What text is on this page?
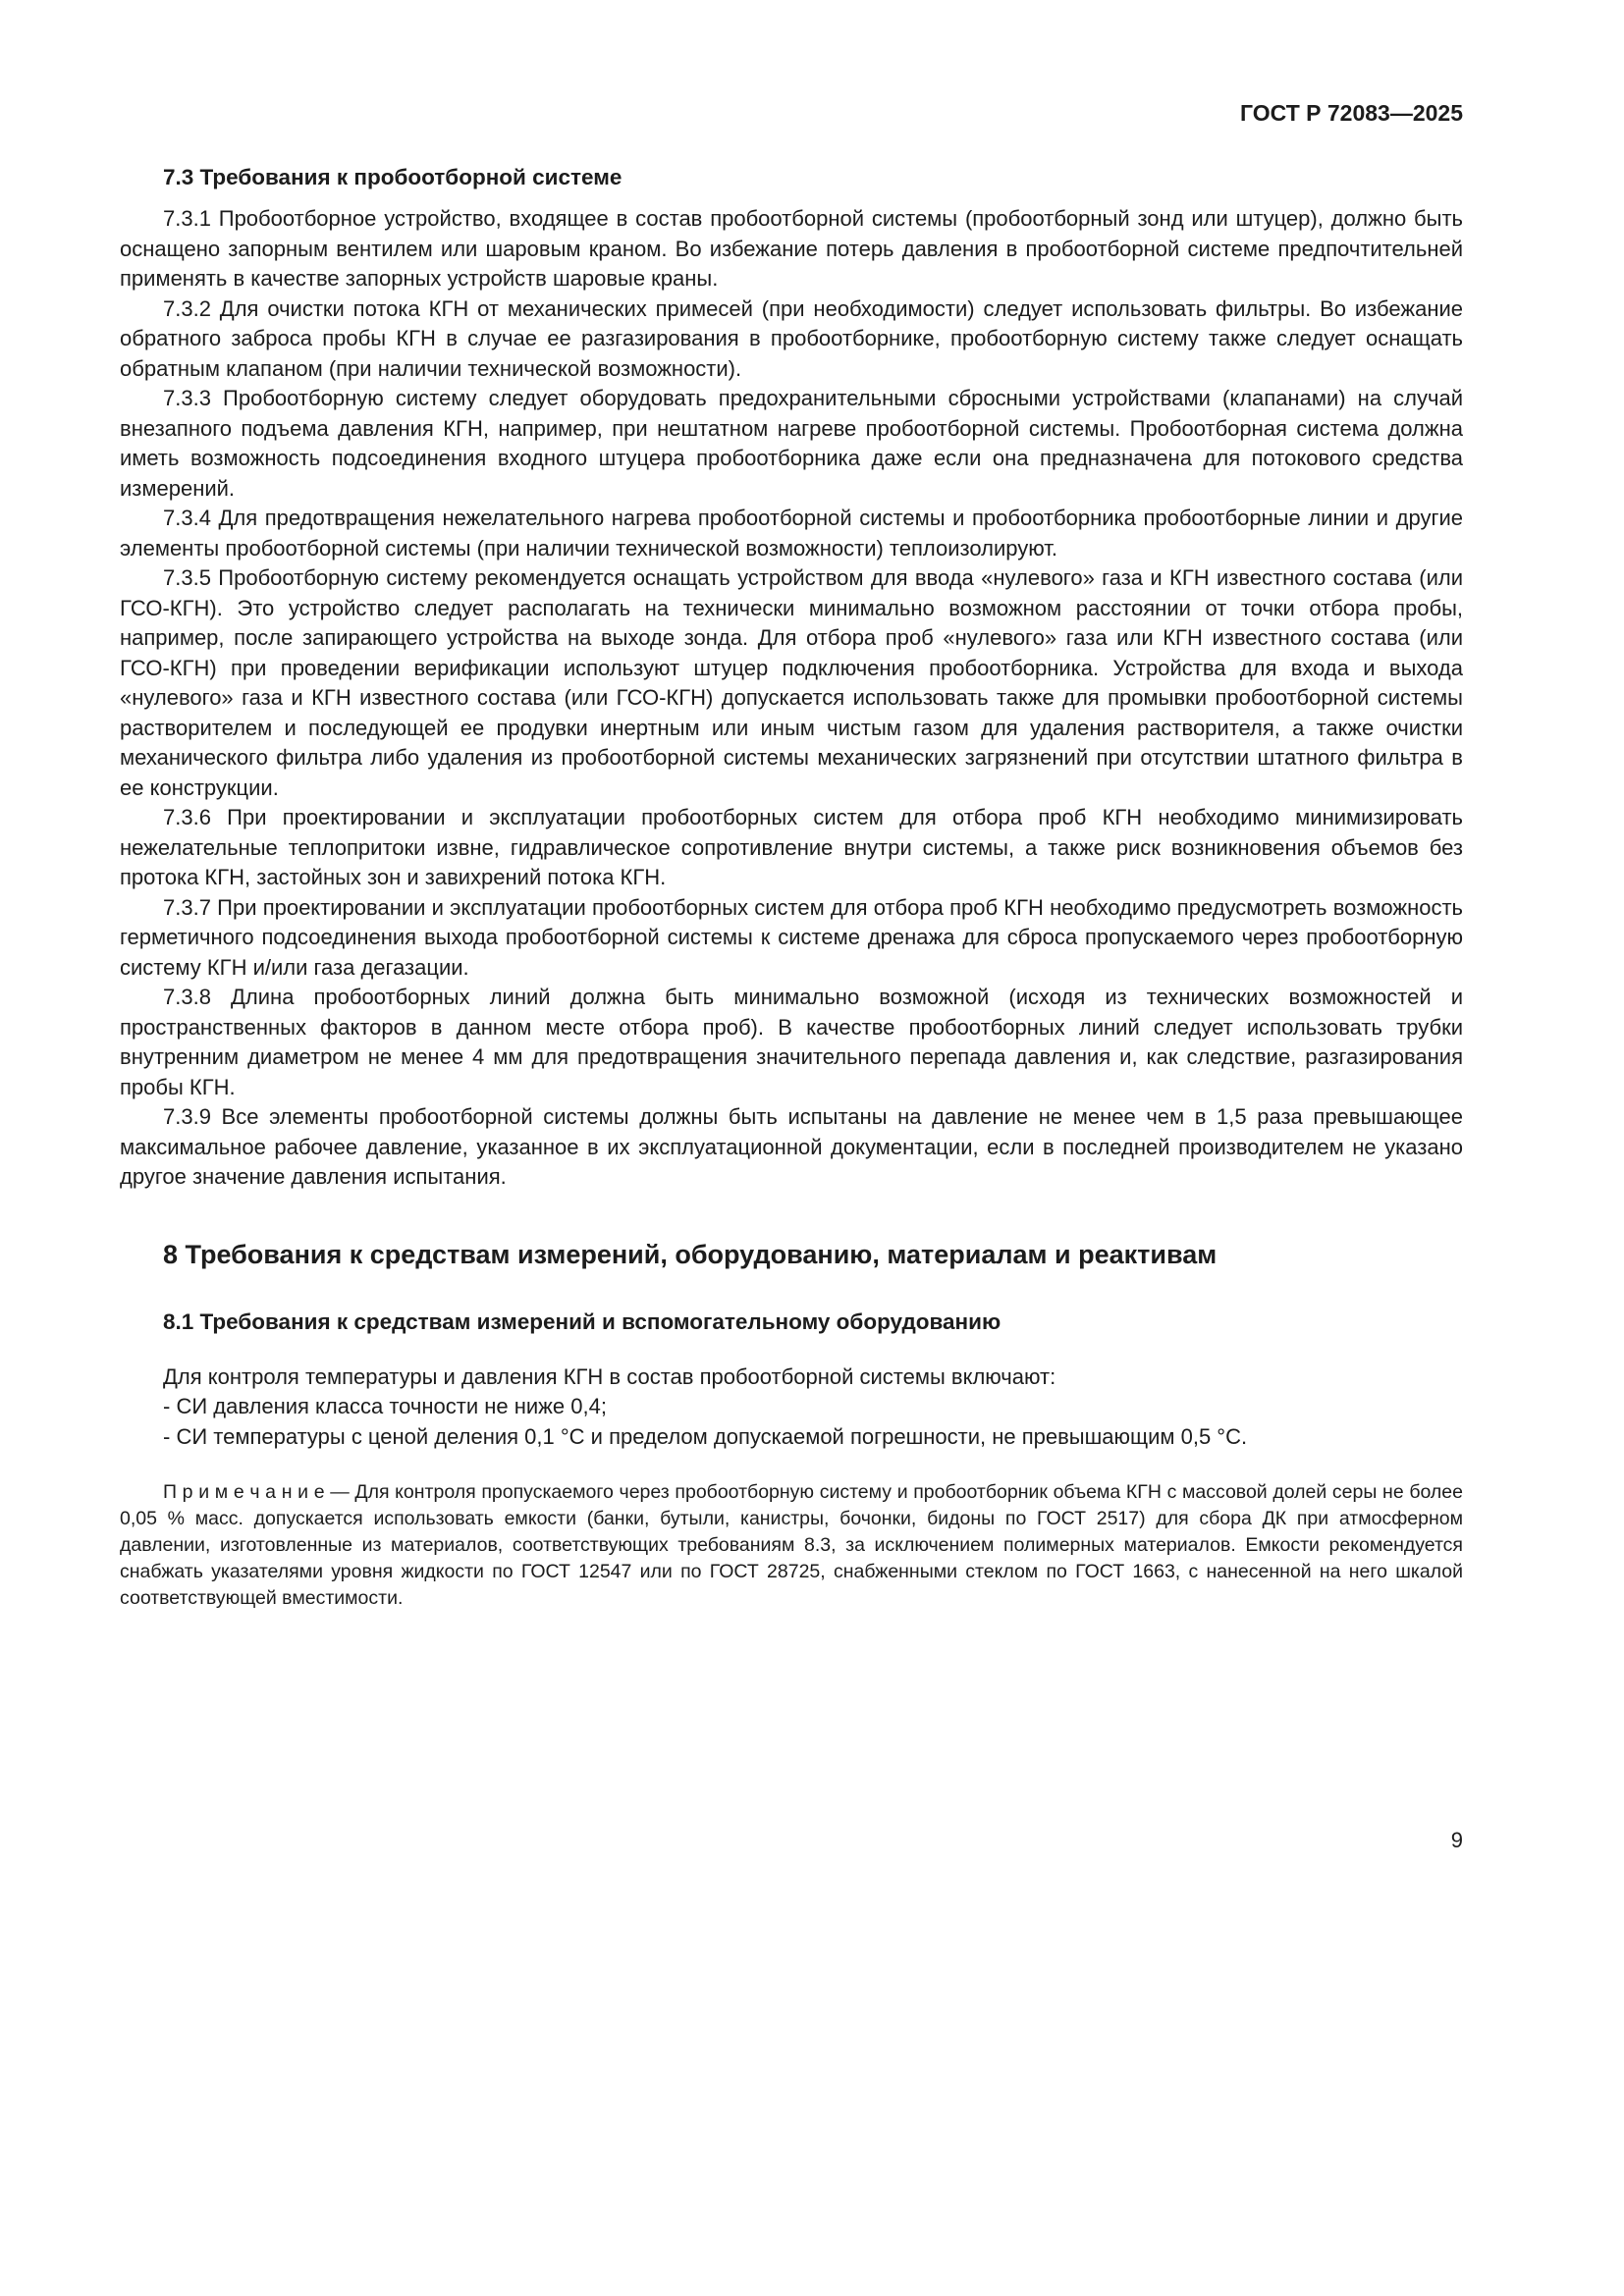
ГОСТ Р 72083—2025
7.3 Требования к пробоотборной системе

7.3.1 Пробоотборное устройство, входящее в состав пробоотборной системы (пробоотборный зонд или штуцер), должно быть оснащено запорным вентилем или шаровым краном. Во избежание потерь давления в пробоотборной системе предпочтительней применять в качестве запорных устройств шаровые краны.

7.3.2 Для очистки потока КГН от механических примесей (при необходимости) следует использовать фильтры. Во избежание обратного заброса пробы КГН в случае ее разгазирования в пробоотборнике, пробоотборную систему также следует оснащать обратным клапаном (при наличии технической возможности).

7.3.3 Пробоотборную систему следует оборудовать предохранительными сбросными устройствами (клапанами) на случай внезапного подъема давления КГН, например, при нештатном нагреве пробоотборной системы. Пробоотборная система должна иметь возможность подсоединения входного штуцера пробоотборника даже если она предназначена для потокового средства измерений.

7.3.4 Для предотвращения нежелательного нагрева пробоотборной системы и пробоотборника пробоотборные линии и другие элементы пробоотборной системы (при наличии технической возможности) теплоизолируют.

7.3.5 Пробоотборную систему рекомендуется оснащать устройством для ввода «нулевого» газа и КГН известного состава (или ГСО-КГН). Это устройство следует располагать на технически минимально возможном расстоянии от точки отбора пробы, например, после запирающего устройства на выходе зонда. Для отбора проб «нулевого» газа или КГН известного состава (или ГСО-КГН) при проведении верификации используют штуцер подключения пробоотборника. Устройства для входа и выхода «нулевого» газа и КГН известного состава (или ГСО-КГН) допускается использовать также для промывки пробоотборной системы растворителем и последующей ее продувки инертным или иным чистым газом для удаления растворителя, а также очистки механического фильтра либо удаления из пробоотборной системы механических загрязнений при отсутствии штатного фильтра в ее конструкции.

7.3.6 При проектировании и эксплуатации пробоотборных систем для отбора проб КГН необходимо минимизировать нежелательные теплопритоки извне, гидравлическое сопротивление внутри системы, а также риск возникновения объемов без протока КГН, застойных зон и завихрений потока КГН.

7.3.7 При проектировании и эксплуатации пробоотборных систем для отбора проб КГН необходимо предусмотреть возможность герметичного подсоединения выхода пробоотборной системы к системе дренажа для сброса пропускаемого через пробоотборную систему КГН и/или газа дегазации.

7.3.8 Длина пробоотборных линий должна быть минимально возможной (исходя из технических возможностей и пространственных факторов в данном месте отбора проб). В качестве пробоотборных линий следует использовать трубки внутренним диаметром не менее 4 мм для предотвращения значительного перепада давления и, как следствие, разгазирования пробы КГН.

7.3.9 Все элементы пробоотборной системы должны быть испытаны на давление не менее чем в 1,5 раза превышающее максимальное рабочее давление, указанное в их эксплуатационной документации, если в последней производителем не указано другое значение давления испытания.

8 Требования к средствам измерений, оборудованию, материалам и реактивам
8.1 Требования к средствам измерений и вспомогательному оборудованию

Для контроля температуры и давления КГН в состав пробоотборной системы включают:

- СИ давления класса точности не ниже 0,4;

- СИ температуры с ценой деления 0,1 °С и пределом допускаемой погрешности, не превышающим 0,5 °С.

П р и м е ч а н и е — Для контроля пропускаемого через пробоотборную систему и пробоотборник объема КГН с массовой долей серы не более 0,05 % масс. допускается использовать емкости (банки, бутыли, канистры, бочонки, бидоны по ГОСТ 2517) для сбора ДК при атмосферном давлении, изготовленные из материалов, соответствующих требованиям 8.3, за исключением полимерных материалов. Емкости рекомендуется снабжать указателями уровня жидкости по ГОСТ 12547 или по ГОСТ 28725, снабженными стеклом по ГОСТ 1663, с нанесенной на него шкалой соответствующей вместимости.

9
